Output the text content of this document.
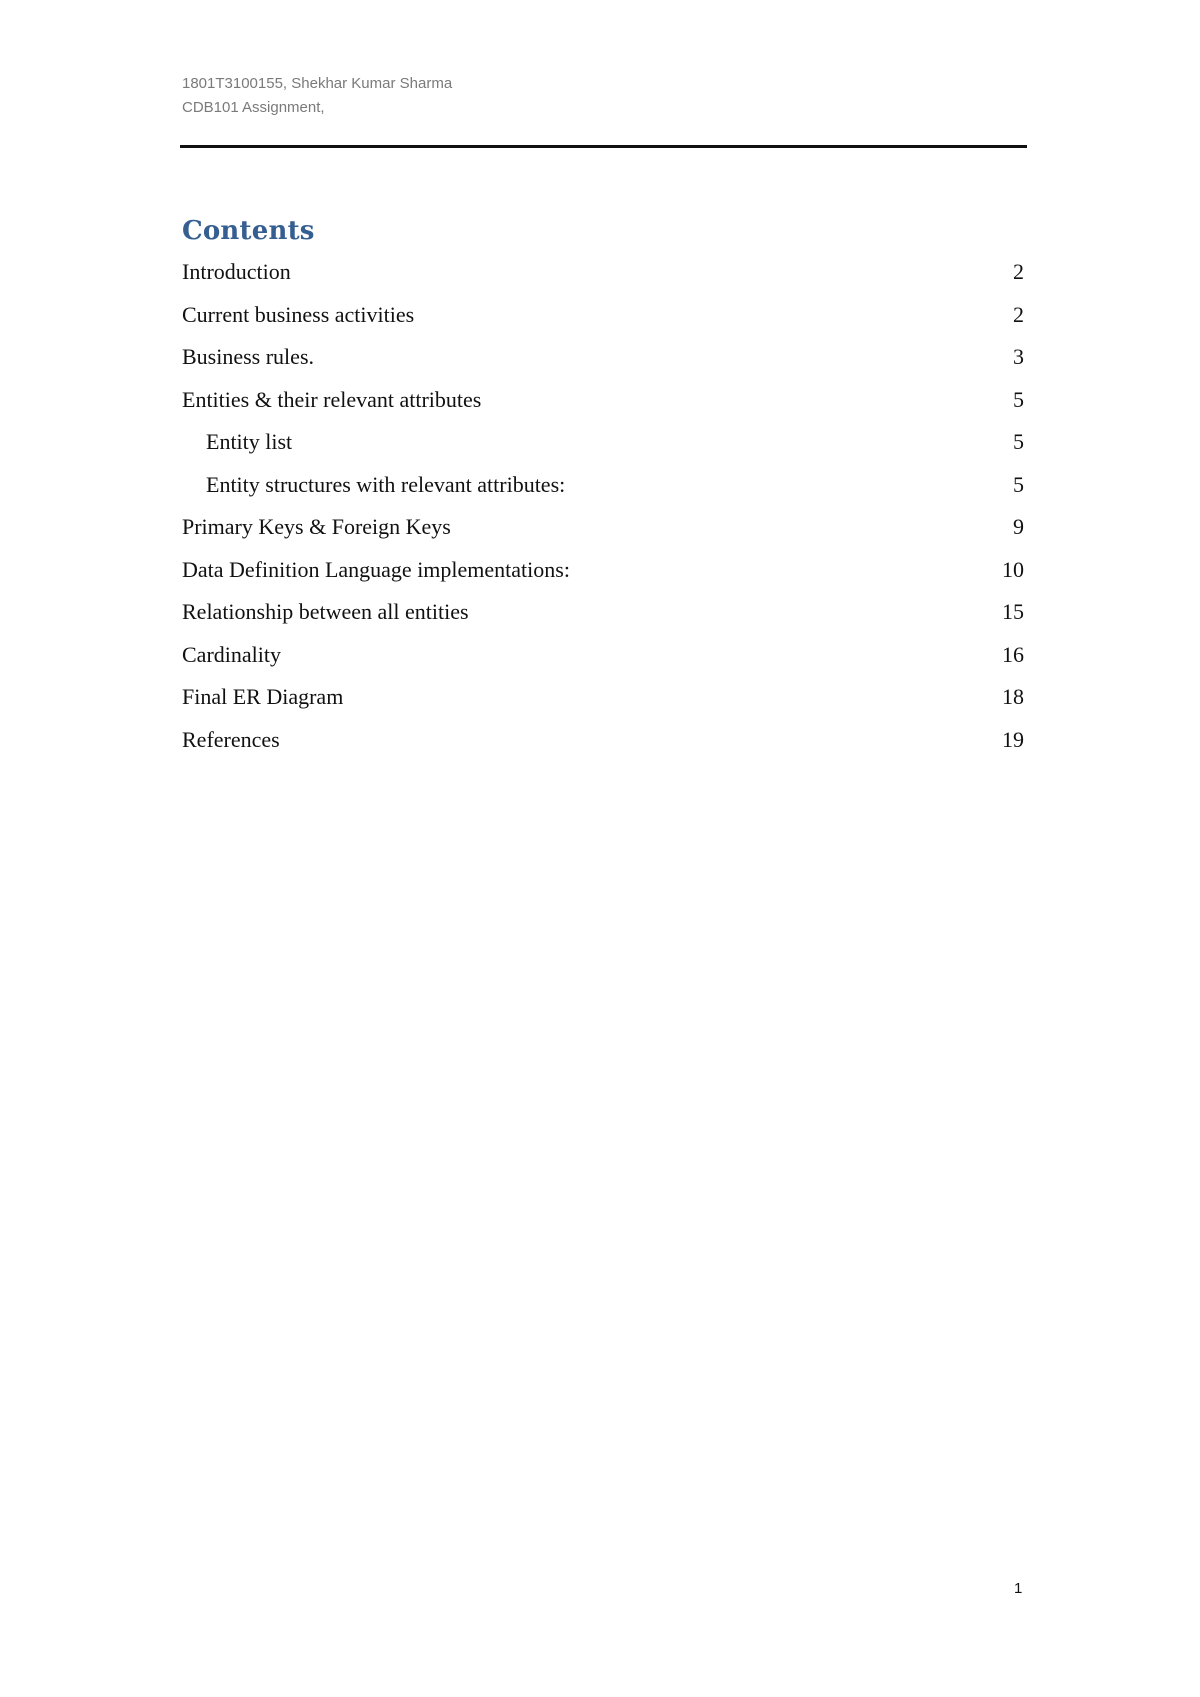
1801T3100155, Shekhar Kumar Sharma
CDB101 Assignment,
Contents
Introduction	2
Current business activities	2
Business rules.	3
Entities & their relevant attributes	5
Entity list	5
Entity structures with relevant attributes:	5
Primary Keys & Foreign Keys	9
Data Definition Language implementations:	10
Relationship between all entities	15
Cardinality	16
Final ER Diagram	18
References	19
1
